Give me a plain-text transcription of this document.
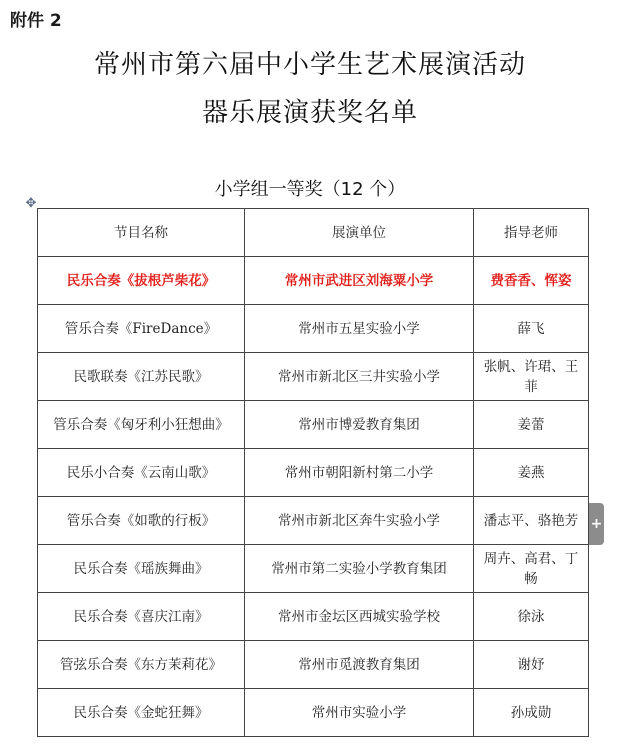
附件 2
常州市第六届中小学生艺术展演活动
器乐展演获奖名单
小学组一等奖（12 个）
✥
节目名称	展演单位	指导老师
民乐合奏《拔根芦柴花》	常州市武进区刘海粟小学	费香香、恽姿
管乐合奏《FireDance》	常州市五星实验小学	薛飞
民歌联奏《江苏民歌》	常州市新北区三井实验小学	张帆、许珺、王菲
管乐合奏《匈牙利小狂想曲》	常州市博爱教育集团	姜蕾
民乐小合奏《云南山歌》	常州市朝阳新村第二小学	姜燕
管乐合奏《如歌的行板》	常州市新北区奔牛实验小学	潘志平、骆艳芳
民乐合奏《瑶族舞曲》	常州市第二实验小学教育集团	周卉、高君、丁畅
民乐合奏《喜庆江南》	常州市金坛区西城实验学校	徐泳
管弦乐合奏《东方茉莉花》	常州市觅渡教育集团	谢妤
民乐合奏《金蛇狂舞》	常州市实验小学	孙成勋
+
